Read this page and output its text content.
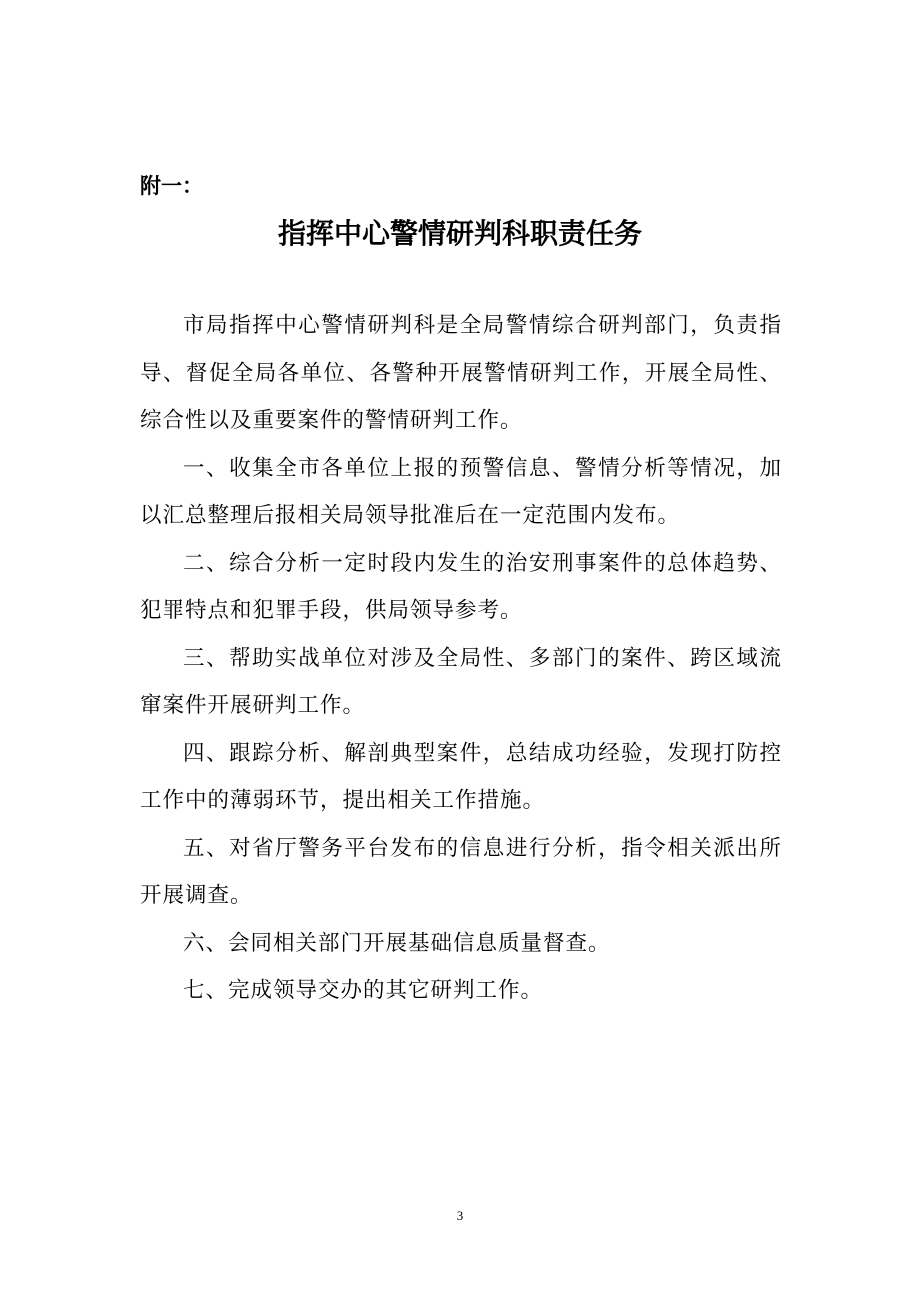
附一：

指挥中心警情研判科职责任务

市局指挥中心警情研判科是全局警情综合研判部门，负责指导、督促全局各单位、各警种开展警情研判工作，开展全局性、综合性以及重要案件的警情研判工作。

一、收集全市各单位上报的预警信息、警情分析等情况，加以汇总整理后报相关局领导批准后在一定范围内发布。

二、综合分析一定时段内发生的治安刑事案件的总体趋势、犯罪特点和犯罪手段，供局领导参考。

三、帮助实战单位对涉及全局性、多部门的案件、跨区域流窜案件开展研判工作。

四、跟踪分析、解剖典型案件，总结成功经验，发现打防控工作中的薄弱环节，提出相关工作措施。

五、对省厅警务平台发布的信息进行分析，指令相关派出所开展调查。

六、会同相关部门开展基础信息质量督查。

七、完成领导交办的其它研判工作。

3
